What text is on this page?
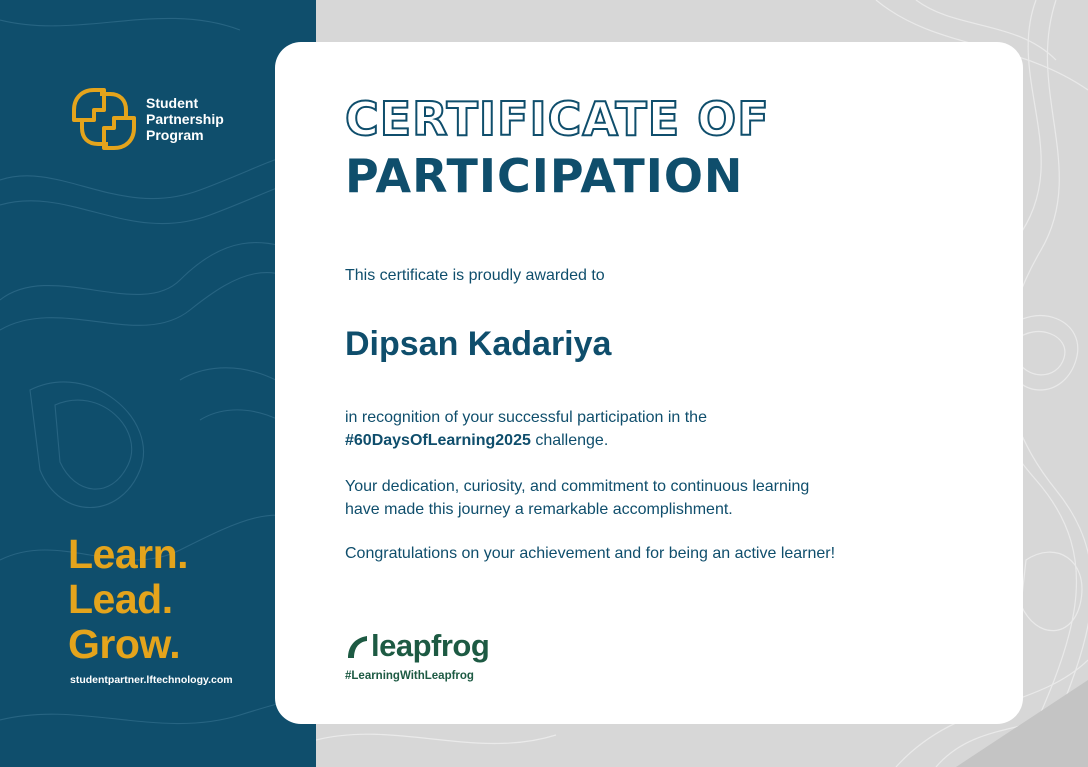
Student
Partnership
Program
Learn.
Lead.
Grow.
studentpartner.lftechnology.com
CERTIFICATE OF
PARTICIPATION
This certificate is proudly awarded to
Dipsan Kadariya
in recognition of your successful participation in the
#60DaysOfLearning2025 challenge.
Your dedication, curiosity, and commitment to continuous learning
have made this journey a remarkable accomplishment.
Congratulations on your achievement and for being an active learner!
leapfrog
#LearningWithLeapfrog
